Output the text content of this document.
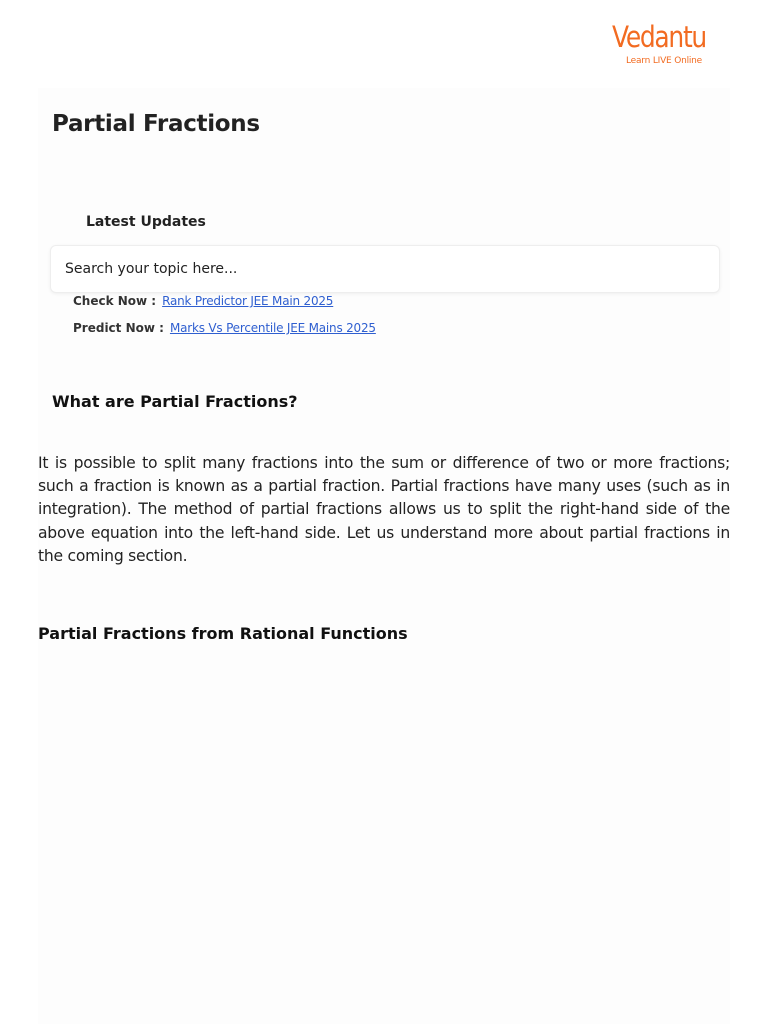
Vedantu
Learn LIVE Online
Partial Fractions
Latest Updates
Search your topic here...
Check Now : Rank Predictor JEE Main 2025
Predict Now : Marks Vs Percentile JEE Mains 2025
What are Partial Fractions?

It is possible to split many fractions into the sum or difference of two or more fractions; such a fraction is known as a partial fraction. Partial fractions have many uses (such as in integration). The method of partial fractions allows us to split the right-hand side of the above equation into the left-hand side. Let us understand more about partial fractions in the coming section.

Partial Fractions from Rational Functions
